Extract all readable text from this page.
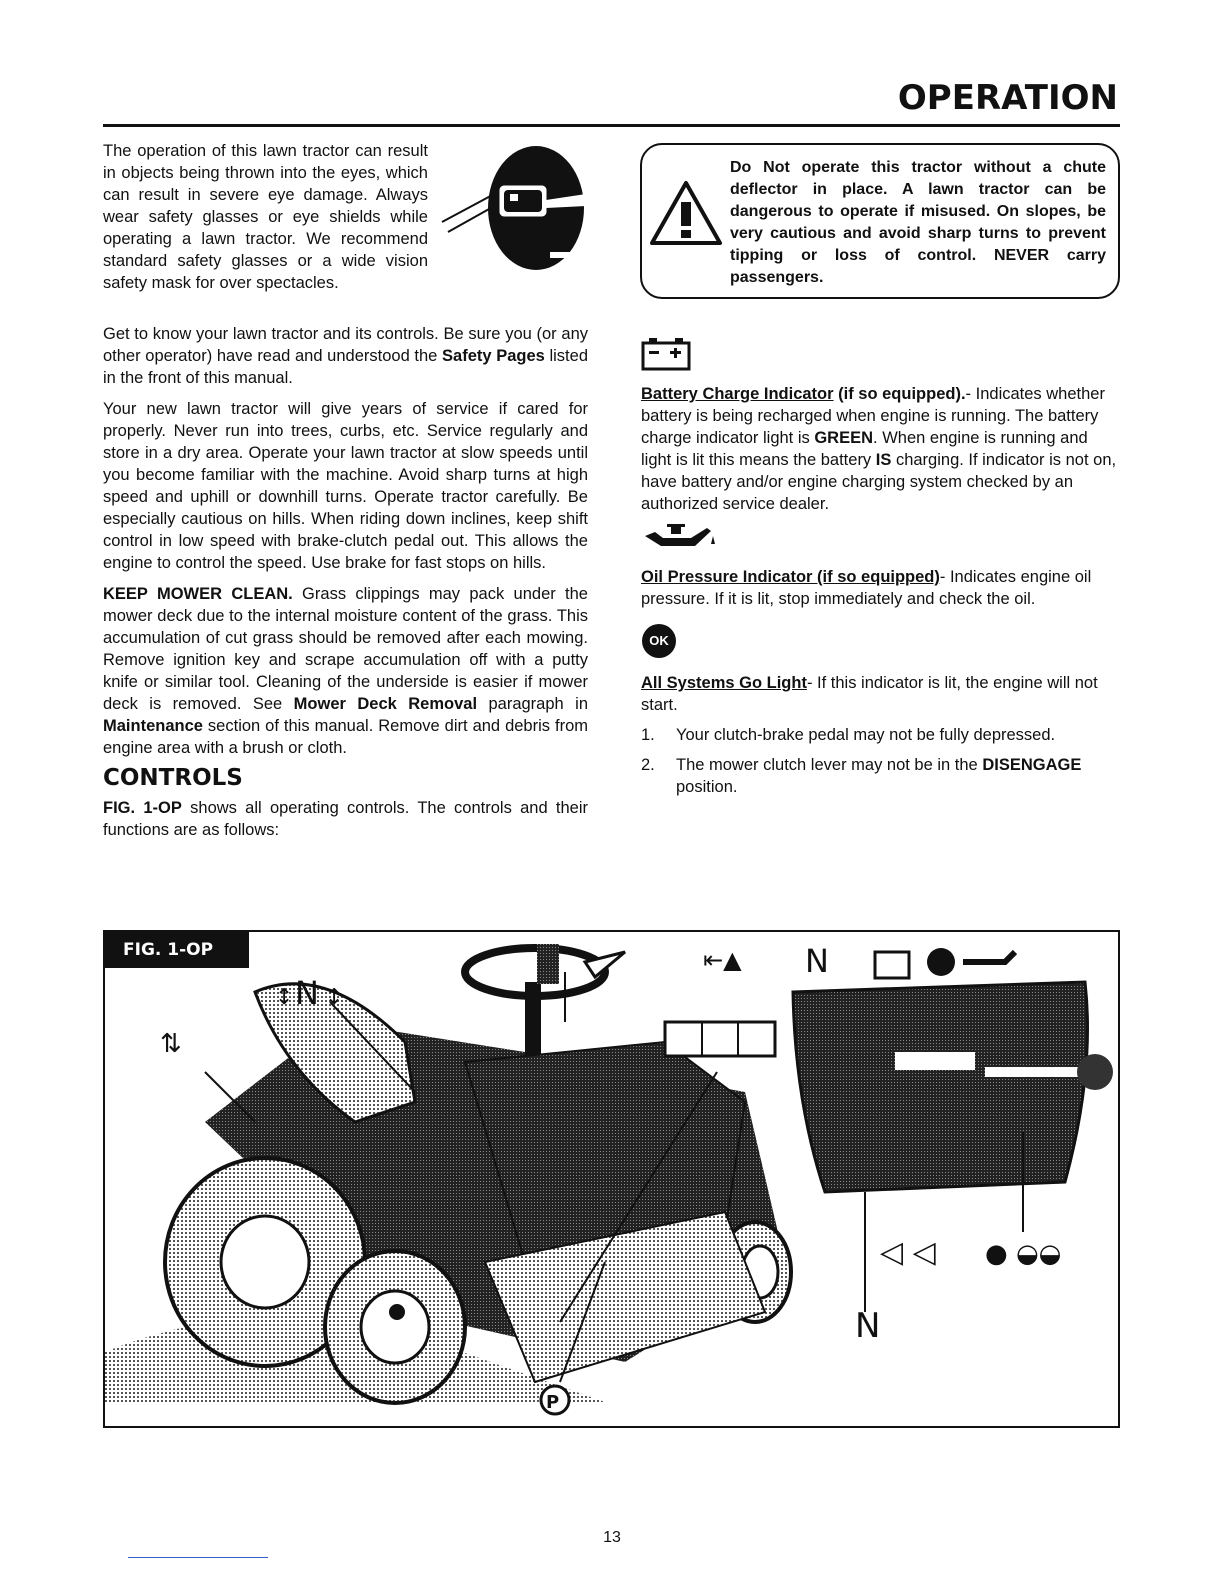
OPERATION

The operation of this lawn tractor can result in objects being thrown into the eyes, which can result in severe eye damage. Always wear safety glasses or eye shields while operating a lawn tractor. We recommend standard safety glasses or a wide vision safety mask for over spectacles.

Get to know your lawn tractor and its controls. Be sure you (or any other operator) have read and understood the Safety Pages listed in the front of this manual.

Your new lawn tractor will give years of service if cared for properly. Never run into trees, curbs, etc. Service regularly and store in a dry area. Operate your lawn tractor at slow speeds until you become familiar with the machine. Avoid sharp turns at high speed and uphill or downhill turns. Operate tractor carefully. Be especially cautious on hills. When riding down inclines, keep shift control in low speed with brake-clutch pedal out. This allows the engine to control the speed. Use brake for fast stops on hills.

KEEP MOWER CLEAN. Grass clippings may pack under the mower deck due to the internal moisture content of the grass. This accumulation of cut grass should be removed after each mowing. Remove ignition key and scrape accumulation off with a putty knife or similar tool. Cleaning of the underside is easier if mower deck is removed. See Mower Deck Removal paragraph in Maintenance section of this manual. Remove dirt and debris from engine area with a brush or cloth.

CONTROLS

FIG. 1-OP shows all operating controls. The controls and their functions are as follows:

Do Not operate this tractor without a chute deflector in place. A lawn tractor can be dangerous to operate if misused. On slopes, be very cautious and avoid sharp turns to prevent tipping or loss of control. NEVER carry passengers.

Battery Charge Indicator (if so equipped).- Indicates whether battery is being recharged when engine is running. The battery charge indicator light is GREEN. When engine is running and light is lit this means the battery IS charging. If indicator is not on, have battery and/or engine charging system checked by an authorized service dealer.

Oil Pressure Indicator (if so equipped)- Indicates engine oil pressure. If it is lit, stop immediately and check the oil.

OK

All Systems Go Light- If this indicator is lit, the engine will not start.

1. Your clutch-brake pedal may not be fully depressed.
2. The mower clutch lever may not be in the DISENGAGE position.
FIG. 1-OP
N
↕ ↕
⇅
⇤▲ N
◁ ◁ ● ◒◒
N
P
13
